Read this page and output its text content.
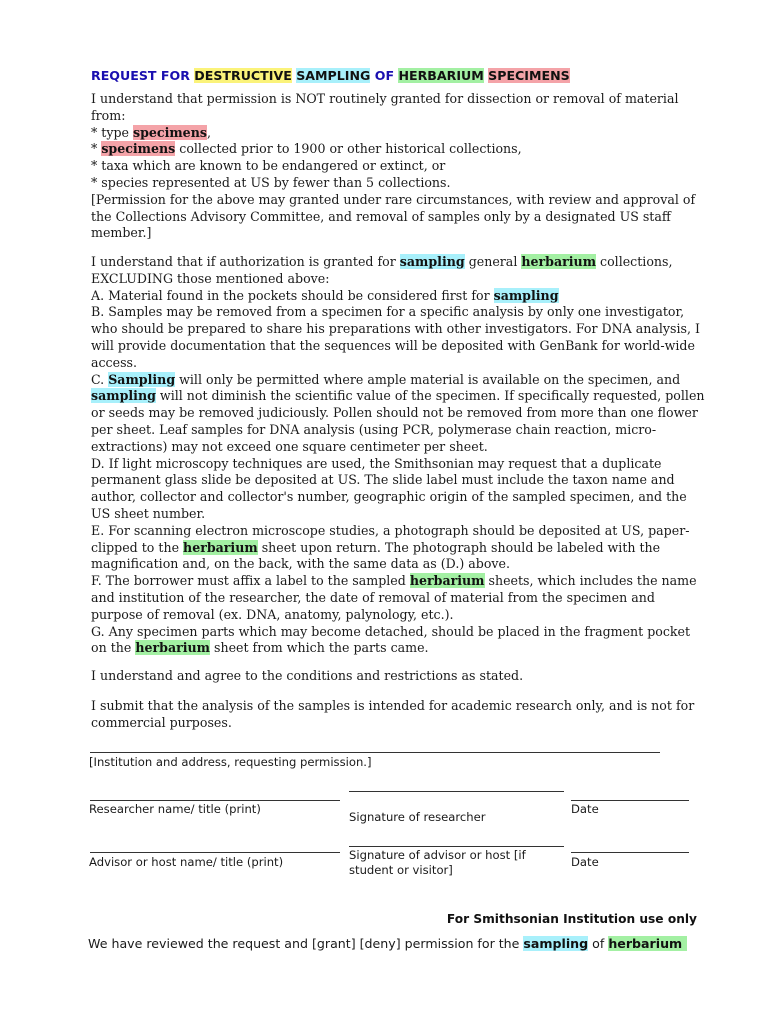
REQUEST FOR DESTRUCTIVE SAMPLING OF HERBARIUM SPECIMENS

I understand that permission is NOT routinely granted for dissection or removal of material from:

* type specimens,

* specimens collected prior to 1900 or other historical collections,

* taxa which are known to be endangered or extinct, or

* species represented at US by fewer than 5 collections.

[Permission for the above may granted under rare circumstances, with review and approval of the Collections Advisory Committee, and removal of samples only by a designated US staff member.]

I understand that if authorization is granted for sampling general herbarium collections, EXCLUDING those mentioned above:

A. Material found in the pockets should be considered first for sampling

B. Samples may be removed from a specimen for a specific analysis by only one investigator, who should be prepared to share his preparations with other investigators. For DNA analysis, I will provide documentation that the sequences will be deposited with GenBank for world-wide access.

C. Sampling will only be permitted where ample material is available on the specimen, and sampling will not diminish the scientific value of the specimen. If specifically requested, pollen or seeds may be removed judiciously. Pollen should not be removed from more than one flower per sheet. Leaf samples for DNA analysis (using PCR, polymerase chain reaction, micro-extractions) may not exceed one square centimeter per sheet.

D. If light microscopy techniques are used, the Smithsonian may request that a duplicate permanent glass slide be deposited at US. The slide label must include the taxon name and author, collector and collector's number, geographic origin of the sampled specimen, and the US sheet number.

E. For scanning electron microscope studies, a photograph should be deposited at US, paper-clipped to the herbarium sheet upon return. The photograph should be labeled with the magnification and, on the back, with the same data as (D.) above.

F. The borrower must affix a label to the sampled herbarium sheets, which includes the name and institution of the researcher, the date of removal of material from the specimen and purpose of removal (ex. DNA, anatomy, palynology, etc.).

G. Any specimen parts which may become detached, should be placed in the fragment pocket on the herbarium sheet from which the parts came.

I understand and agree to the conditions and restrictions as stated.

I submit that the analysis of the samples is intended for academic research only, and is not for commercial purposes.

[Institution and address, requesting permission.]
Researcher name/ title (print)
Signature of researcher
Date
Advisor or host name/ title (print)	Signature of advisor or host [if student or visitor]
Date
For Smithsonian Institution use only
We have reviewed the request and [grant] [deny] permission for the sampling of herbarium
